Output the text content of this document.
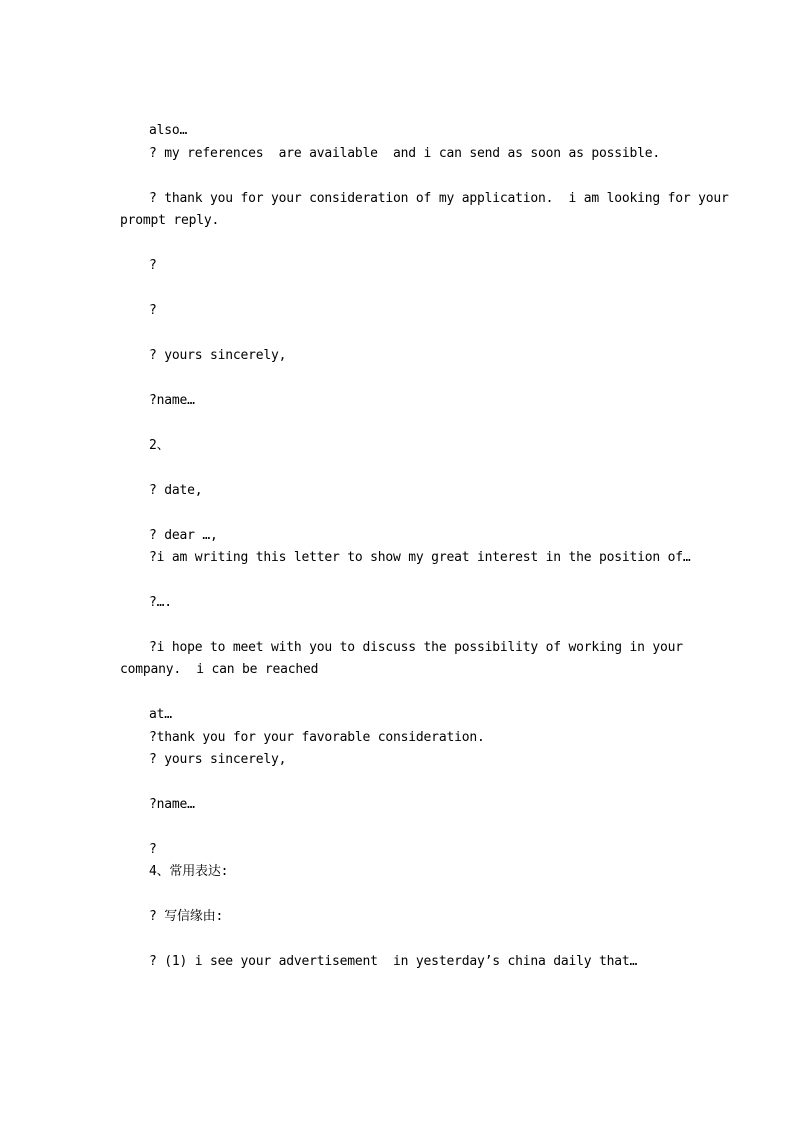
also…
? my references  are available  and i can send as soon as possible.
? thank you for your consideration of my application.  i am looking for your
prompt reply.
?
?
? yours sincerely,
?name…
2、
? date,
? dear …,
?i am writing this letter to show my great interest in the position of…
?….
?i hope to meet with you to discuss the possibility of working in your
company.  i can be reached
at…
?thank you for your favorable consideration.
? yours sincerely,
?name…
?
4、常用表达:
? 写信缘由:
? (1) i see your advertisement  in yesterday’s china daily that…
